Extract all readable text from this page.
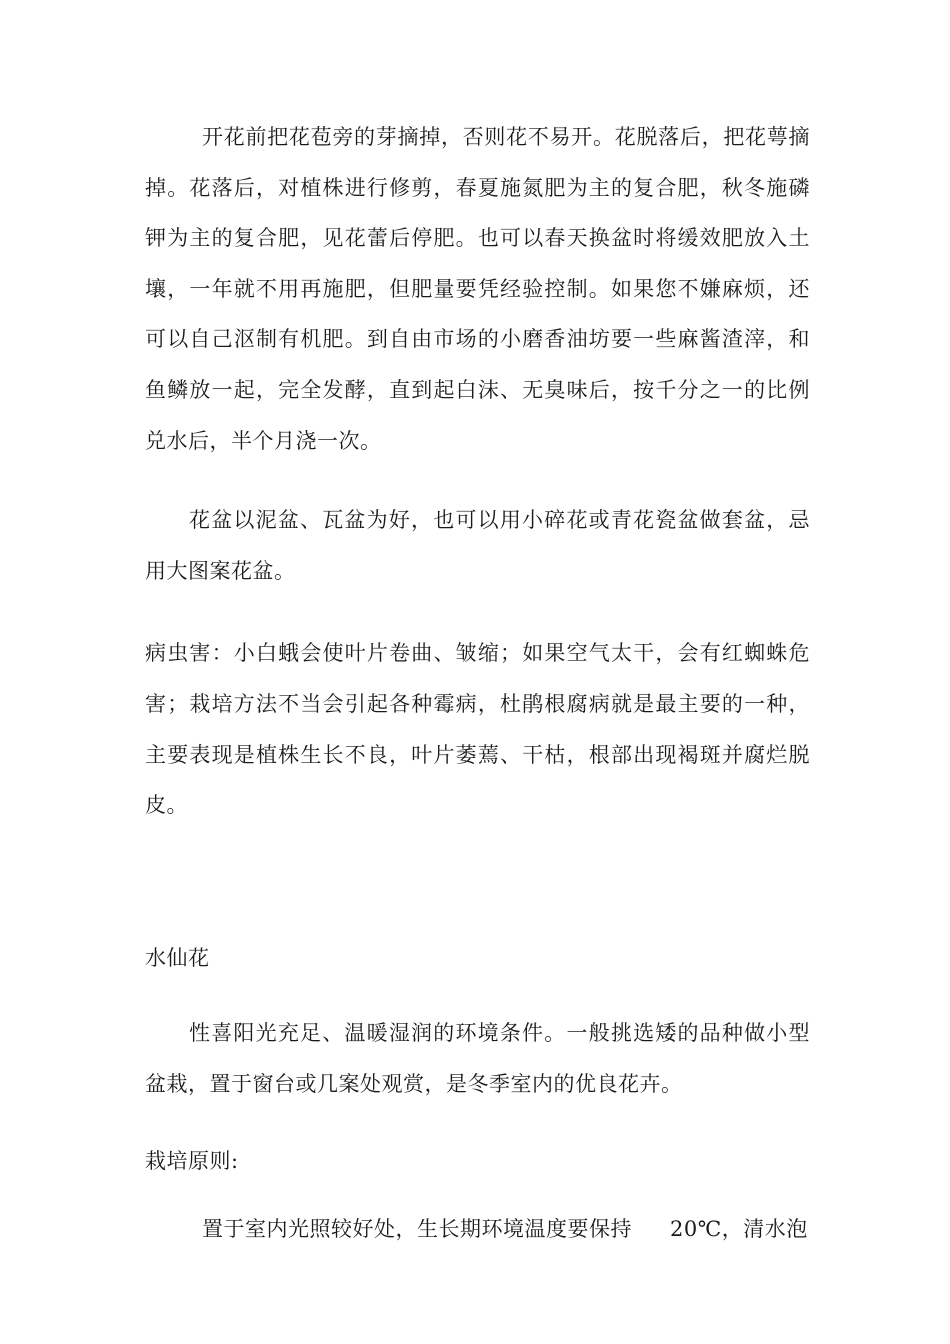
开花前把花苞旁的芽摘掉，否则花不易开。花脱落后，把花萼摘掉。花落后，对植株进行修剪，春夏施氮肥为主的复合肥，秋冬施磷钾为主的复合肥，见花蕾后停肥。也可以春天换盆时将缓效肥放入土壤，一年就不用再施肥，但肥量要凭经验控制。如果您不嫌麻烦，还可以自己沤制有机肥。到自由市场的小磨香油坊要一些麻酱渣滓，和鱼鳞放一起，完全发酵，直到起白沫、无臭味后，按千分之一的比例兑水后，半个月浇一次。

花盆以泥盆、瓦盆为好，也可以用小碎花或青花瓷盆做套盆，忌用大图案花盆。

病虫害：小白蛾会使叶片卷曲、皱缩；如果空气太干，会有红蜘蛛危害；栽培方法不当会引起各种霉病，杜鹃根腐病就是最主要的一种，主要表现是植株生长不良，叶片萎蔫、干枯，根部出现褐斑并腐烂脱皮。

水仙花

性喜阳光充足、温暖湿润的环境条件。一般挑选矮的品种做小型盆栽，置于窗台或几案处观赏，是冬季室内的优良花卉。

栽培原则:

置于室内光照较好处，生长期环境温度要保持 20℃，清水泡
